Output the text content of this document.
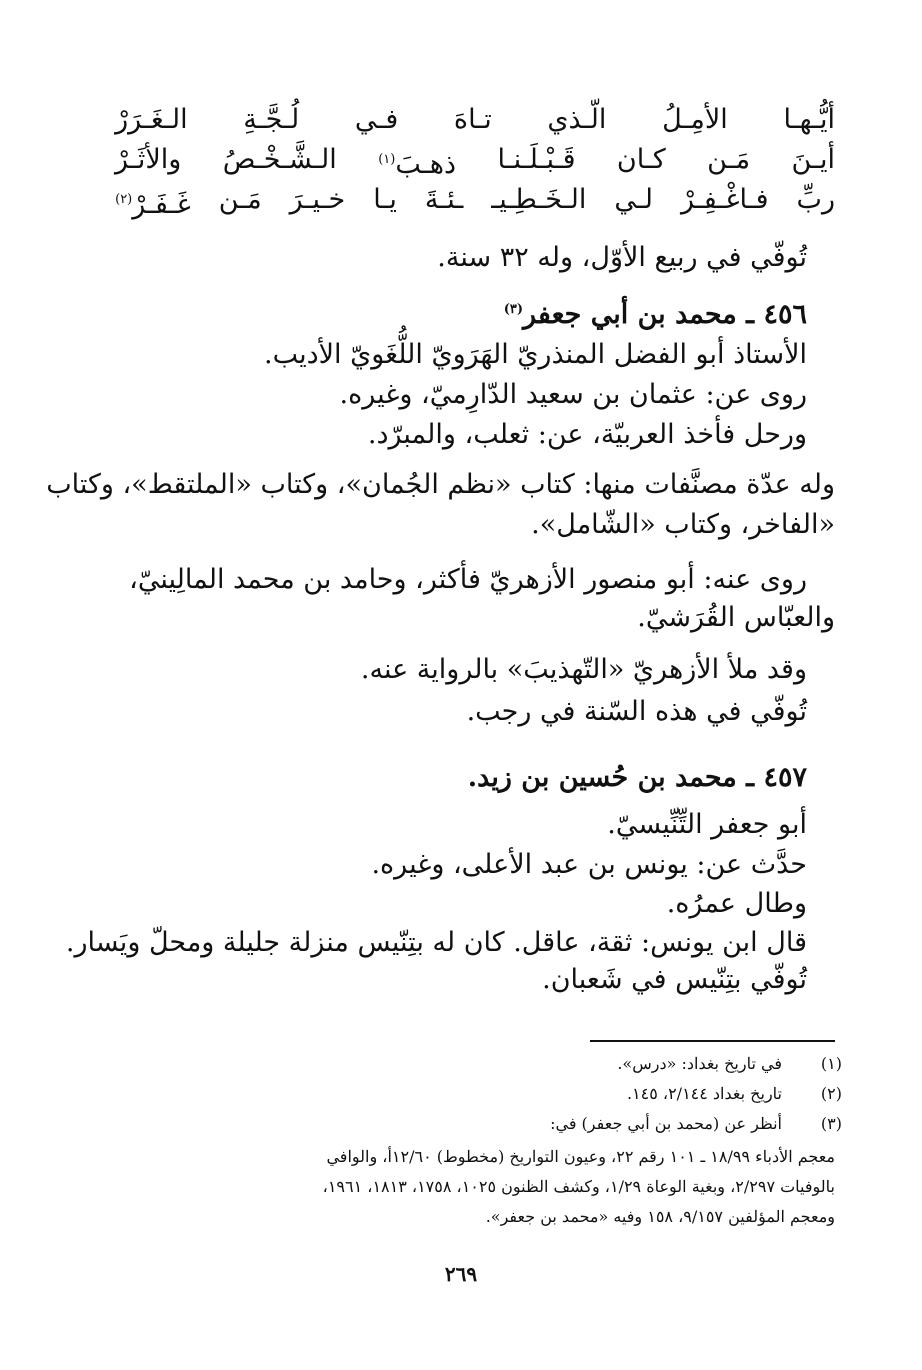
أيُّـهـا
الأمِـلُ
الّـذي
تـاهَ
فـي
لُـجَّـةِ
الـغَـرَرْ
أيـنَ
مَـن
كـان
قَـبْـلَـنـا
ذهـبَ$^{(١)}$
الـشَّـخْـصُ
والأثَـرْ
ربِّ
فـاغْـفِـرْ
لـي
الـخَـطِـيـ
ـئـةَ
يـا
خـيـرَ
مَـن
غَـفَـرْ$^{(٢)}$
تُوفّي في ربيع الأوّل، وله ٣٢ سنة.
٤٥٦ ـ محمد بن أبي جعفر$^{(٣)}$
الأستاذ أبو الفضل المنذريّ الهَرَويّ اللُّغَويّ الأديب.
روى عن: عثمان بن سعيد الدّارِميّ، وغيره.
ورحل فأخذ العربيّة، عن: ثعلب، والمبرّد.
وله عدّة مصنَّفات منها: كتاب «نظم الجُمان»، وكتاب «الملتقط»، وكتاب
«الفاخر، وكتاب «الشّامل».
روى عنه: أبو منصور الأزهريّ فأكثر، وحامد بن محمد المالِينيّ،
والعبّاس القُرَشيّ.
وقد ملأ الأزهريّ «التّهذيبَ» بالرواية عنه.
تُوفّي في هذه السّنة في رجب.
٤٥٧ ـ محمد بن حُسين بن زيد.
أبو جعفر التِّنِّيسيّ.
حدَّث عن: يونس بن عبد الأعلى، وغيره.
وطال عمرُه.
قال ابن يونس: ثقة، عاقل. كان له بتِنّيس منزلة جليلة ومحلّ ويَسار.
تُوفّي بتِنّيس في شَعبان.
(١)في تاريخ بغداد: «درس».
(٢)تاريخ بغداد ٢/١٤٤، ١٤٥.
(٣)أنظر عن (محمد بن أبي جعفر) في:
معجم الأدباء ١٨/٩٩ ـ ١٠١ رقم ٢٢، وعيون التواريخ (مخطوط) ١٢/٦٠أ، والوافي
بالوفيات ٢/٢٩٧، وبغية الوعاة ١/٢٩، وكشف الظنون ١٠٢٥، ١٧٥٨، ١٨١٣، ١٩٦١،
ومعجم المؤلفين ٩/١٥٧، ١٥٨ وفيه «محمد بن جعفر».
٢٦٩
